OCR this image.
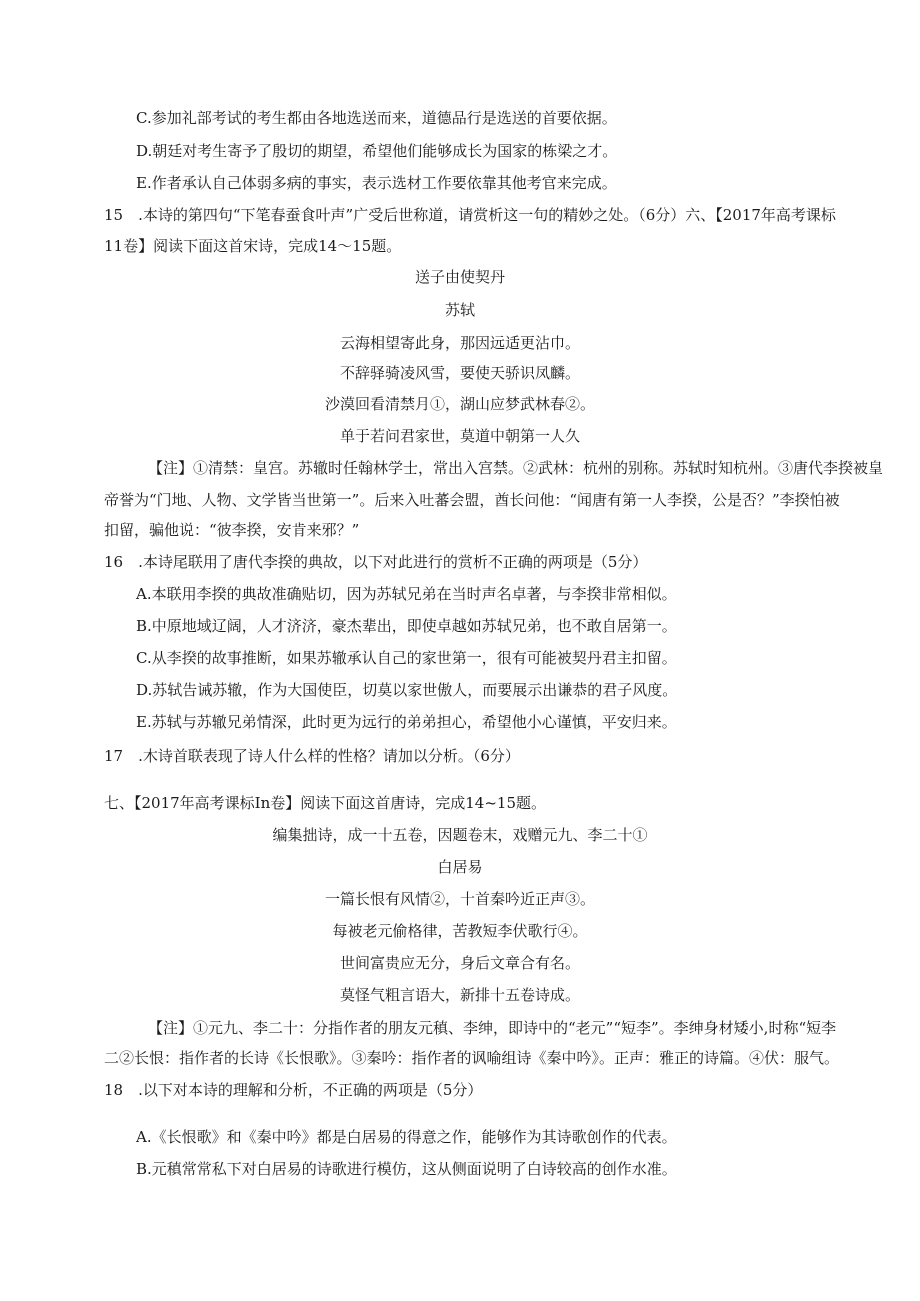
C.参加礼部考试的考生都由各地选送而来，道德品行是选送的首要依据。
D.朝廷对考生寄予了殷切的期望，希望他们能够成长为国家的栋梁之才。
E.作者承认自己体弱多病的事实，表示选材工作要依靠其他考官来完成。
15　.本诗的第四句“下笔春蚕食叶声”广受后世称道，请赏析这一句的精妙之处。（6分）六、【2017年高考课标
11卷】阅读下面这首宋诗，完成14～15题。
送子由使契丹
苏轼
云海相望寄此身，那因远适更沾巾。
不辞驿骑凌风雪，要使天骄识凤麟。
沙漠回看清禁月①，湖山应梦武林春②。
单于若问君家世，莫道中朝第一人久
【注】①清禁：皇宫。苏辙时任翰林学士，常出入宫禁。②武林：杭州的别称。苏轼时知杭州。③唐代李揆被皇
帝誉为“门地、人物、文学皆当世第一”。后来入吐蕃会盟，酋长问他：“闻唐有第一人李揆，公是否？”李揆怕被
扣留，骗他说：“彼李揆，安肯来邪？”
16　.本诗尾联用了唐代李揆的典故，以下对此进行的赏析不正确的两项是（5分）
A.本联用李揆的典故准确贴切，因为苏轼兄弟在当时声名卓著，与李揆非常相似。
B.中原地域辽阔，人才济济，豪杰辈出，即使卓越如苏轼兄弟，也不敢自居第一。
C.从李揆的故事推断，如果苏辙承认自己的家世第一，很有可能被契丹君主扣留。
D.苏轼告诫苏辙，作为大国使臣，切莫以家世傲人，而要展示出谦恭的君子风度。
E.苏轼与苏辙兄弟情深，此时更为远行的弟弟担心，希望他小心谨慎，平安归来。
17　.木诗首联表现了诗人什么样的性格？请加以分析。（6分）
七、【2017年高考课标In卷】阅读下面这首唐诗，完成14~15题。
编集拙诗，成一十五卷，因题卷末，戏赠元九、李二十①
白居易
一篇长恨有风情②，十首秦吟近正声③。
每被老元偷格律，苦教短李伏歌行④。
世间富贵应无分，身后文章合有名。
莫怪气粗言语大，新排十五卷诗成。
【注】①元九、李二十：分指作者的朋友元稹、李绅，即诗中的“老元”“短李”。李绅身材矮小,时称“短李
二②长恨：指作者的长诗《长恨歌》。③秦吟：指作者的讽喻组诗《秦中吟》。正声：雅正的诗篇。④伏：服气。
18　.以下对本诗的理解和分析，不正确的两项是（5分）
A.《长恨歌》和《秦中吟》都是白居易的得意之作，能够作为其诗歌创作的代表。
B.元稹常常私下对白居易的诗歌进行模仿，这从侧面说明了白诗较高的创作水准。
